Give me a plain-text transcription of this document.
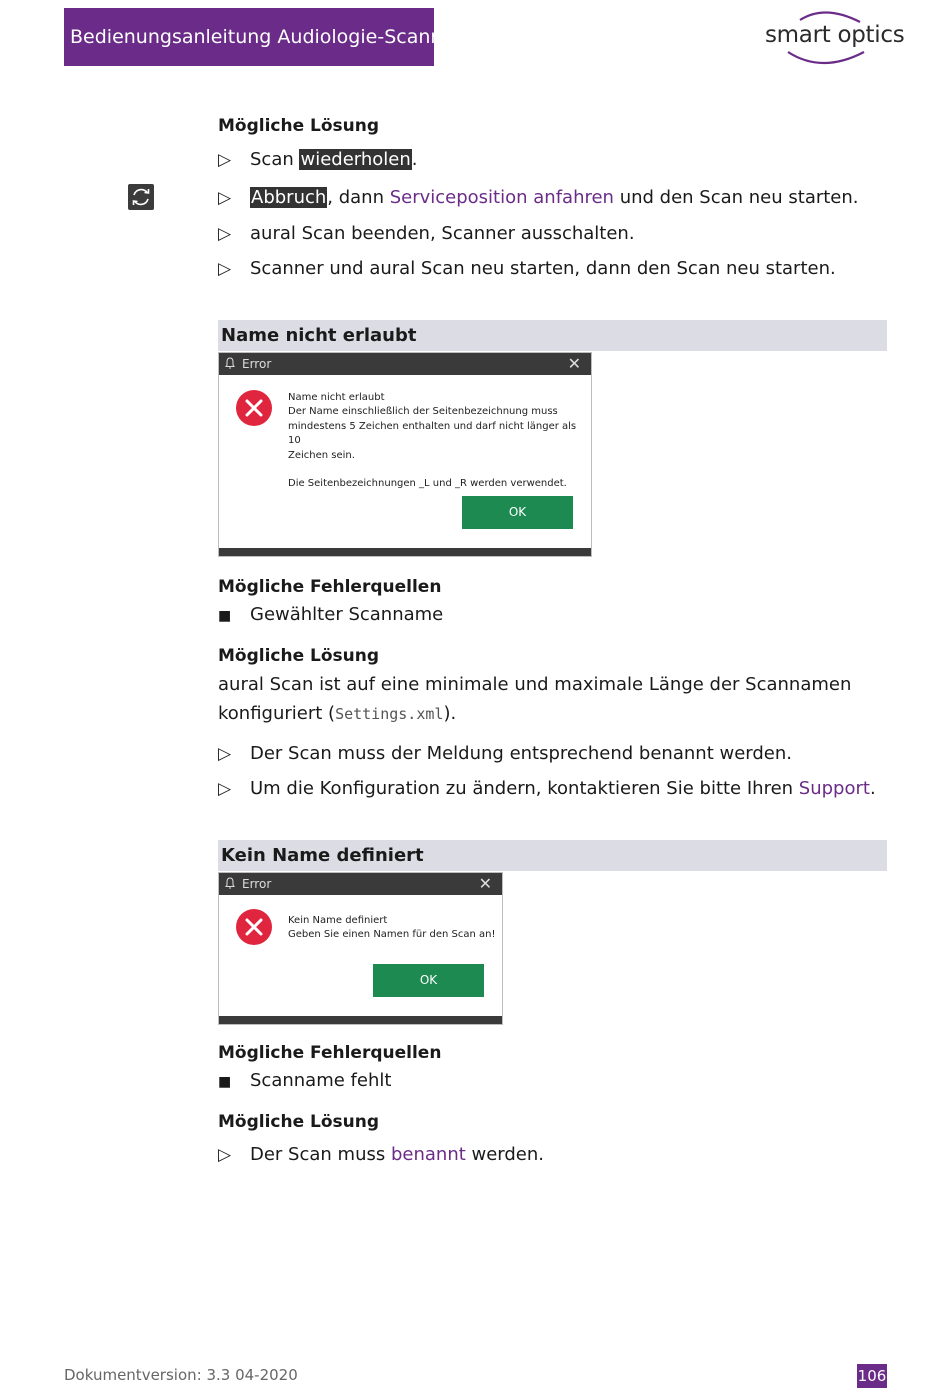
Bedienungsanleitung Audiologie-Scanner	smart optics
Mögliche Lösung
▷ Scan wiederholen.
▷ Abbruch, dann Serviceposition anfahren und den Scan neu starten.
▷ aural Scan beenden, Scanner ausschalten.
▷ Scanner und aural Scan neu starten, dann den Scan neu starten.
Name nicht erlaubt
Error	✕
Name nicht erlaubt
Der Name einschließlich der Seitenbezeichnung muss
mindestens 5 Zeichen enthalten und darf nicht länger als 10
Zeichen sein.
Die Seitenbezeichnungen _L und _R werden verwendet.
OK
Mögliche Fehlerquellen
■ Gewählter Scanname
Mögliche Lösung
aural Scan ist auf eine minimale und maximale Länge der Scannamen
konfiguriert (Settings.xml).
▷ Der Scan muss der Meldung entsprechend benannt werden.
▷ Um die Konfiguration zu ändern, kontaktieren Sie bitte Ihren Support.
Kein Name definiert
Error	✕
Kein Name definiert
Geben Sie einen Namen für den Scan an!
OK
Mögliche Fehlerquellen
■ Scanname fehlt
Mögliche Lösung
▷ Der Scan muss benannt werden.
Dokumentversion: 3.3 04-2020	106
